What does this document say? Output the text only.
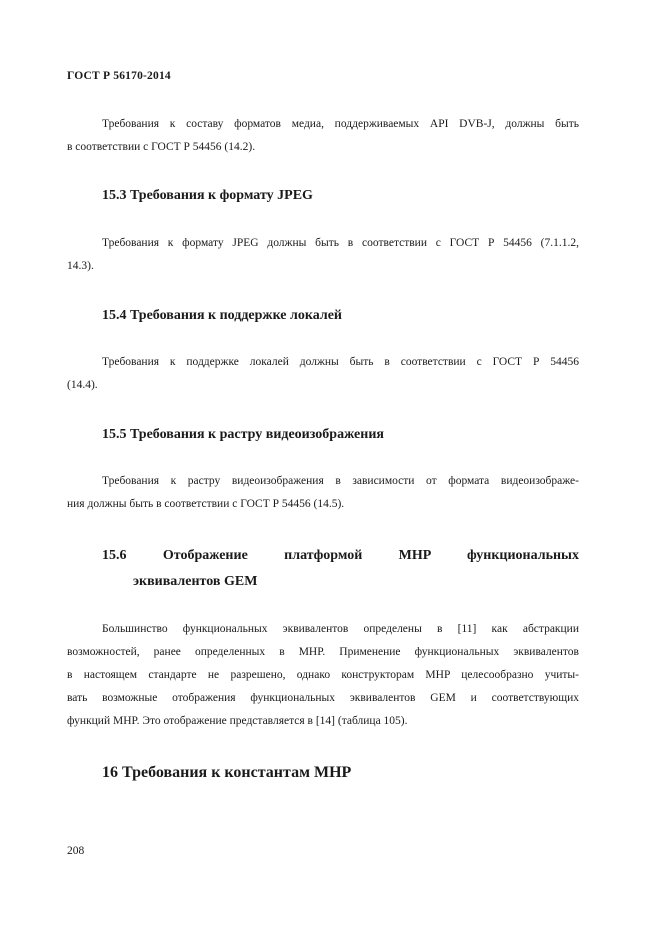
ГОСТ Р 56170-2014
Требования к составу форматов медиа, поддерживаемых API DVB-J, должны быть
в соответствии с ГОСТ Р 54456 (14.2).
15.3 Требования к формату JPEG
Требования к формату JPEG должны быть в соответствии с ГОСТ Р 54456 (7.1.1.2,
14.3).
15.4 Требования к поддержке локалей
Требования к поддержке локалей должны быть в соответствии с ГОСТ Р 54456
(14.4).
15.5 Требования к растру видеоизображения
Требования к растру видеоизображения в зависимости от формата видеоизображе-
ния должны быть в соответствии с ГОСТ Р 54456 (14.5).
15.6 Отображение платформой MHP функциональных
эквивалентов GEM
Большинство функциональных эквивалентов определены в [11] как абстракции
возможностей, ранее определенных в MHP. Применение функциональных эквивалентов
в настоящем стандарте не разрешено, однако конструкторам MHP целесообразно учиты-
вать возможные отображения функциональных эквивалентов GEM и соответствующих
функций MHP. Это отображение представляется в [14] (таблица 105).
16 Требования к константам MHP
208
